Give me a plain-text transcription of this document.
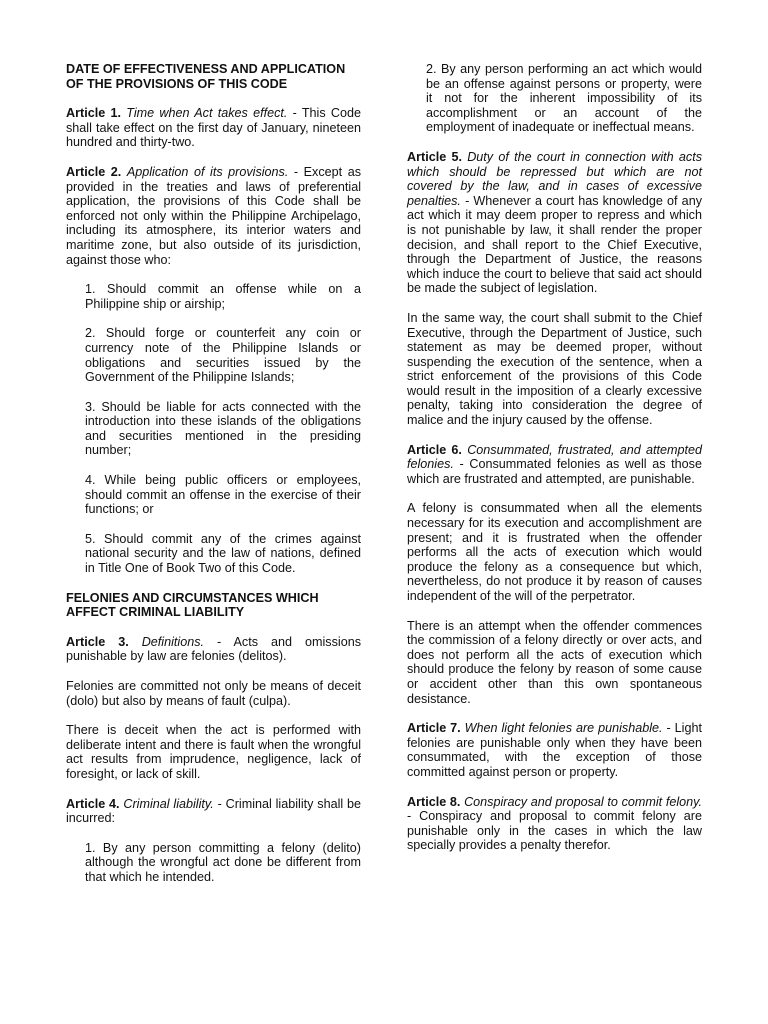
DATE OF EFFECTIVENESS AND APPLICATION OF THE PROVISIONS OF THIS CODE

Article 1. Time when Act takes effect. - This Code shall take effect on the first day of January, nineteen hundred and thirty-two.

Article 2. Application of its provisions. - Except as provided in the treaties and laws of preferential application, the provisions of this Code shall be enforced not only within the Philippine Archipelago, including its atmosphere, its interior waters and maritime zone, but also outside of its jurisdiction, against those who:

1. Should commit an offense while on a Philippine ship or airship;

2. Should forge or counterfeit any coin or currency note of the Philippine Islands or obligations and securities issued by the Government of the Philippine Islands;

3. Should be liable for acts connected with the introduction into these islands of the obligations and securities mentioned in the presiding number;

4. While being public officers or employees, should commit an offense in the exercise of their functions; or

5. Should commit any of the crimes against national security and the law of nations, defined in Title One of Book Two of this Code.

FELONIES AND CIRCUMSTANCES WHICH AFFECT CRIMINAL LIABILITY

Article 3. Definitions. - Acts and omissions punishable by law are felonies (delitos).

Felonies are committed not only be means of deceit (dolo) but also by means of fault (culpa).

There is deceit when the act is performed with deliberate intent and there is fault when the wrongful act results from imprudence, negligence, lack of foresight, or lack of skill.

Article 4. Criminal liability. - Criminal liability shall be incurred:

1. By any person committing a felony (delito) although the wrongful act done be different from that which he intended.

2. By any person performing an act which would be an offense against persons or property, were it not for the inherent impossibility of its accomplishment or an account of the employment of inadequate or ineffectual means.

Article 5. Duty of the court in connection with acts which should be repressed but which are not covered by the law, and in cases of excessive penalties. - Whenever a court has knowledge of any act which it may deem proper to repress and which is not punishable by law, it shall render the proper decision, and shall report to the Chief Executive, through the Department of Justice, the reasons which induce the court to believe that said act should be made the subject of legislation.

In the same way, the court shall submit to the Chief Executive, through the Department of Justice, such statement as may be deemed proper, without suspending the execution of the sentence, when a strict enforcement of the provisions of this Code would result in the imposition of a clearly excessive penalty, taking into consideration the degree of malice and the injury caused by the offense.

Article 6. Consummated, frustrated, and attempted felonies. - Consummated felonies as well as those which are frustrated and attempted, are punishable.

A felony is consummated when all the elements necessary for its execution and accomplishment are present; and it is frustrated when the offender performs all the acts of execution which would produce the felony as a consequence but which, nevertheless, do not produce it by reason of causes independent of the will of the perpetrator.

There is an attempt when the offender commences the commission of a felony directly or over acts, and does not perform all the acts of execution which should produce the felony by reason of some cause or accident other than this own spontaneous desistance.

Article 7. When light felonies are punishable. - Light felonies are punishable only when they have been consummated, with the exception of those committed against person or property.

Article 8. Conspiracy and proposal to commit felony. - Conspiracy and proposal to commit felony are punishable only in the cases in which the law specially provides a penalty therefor.
